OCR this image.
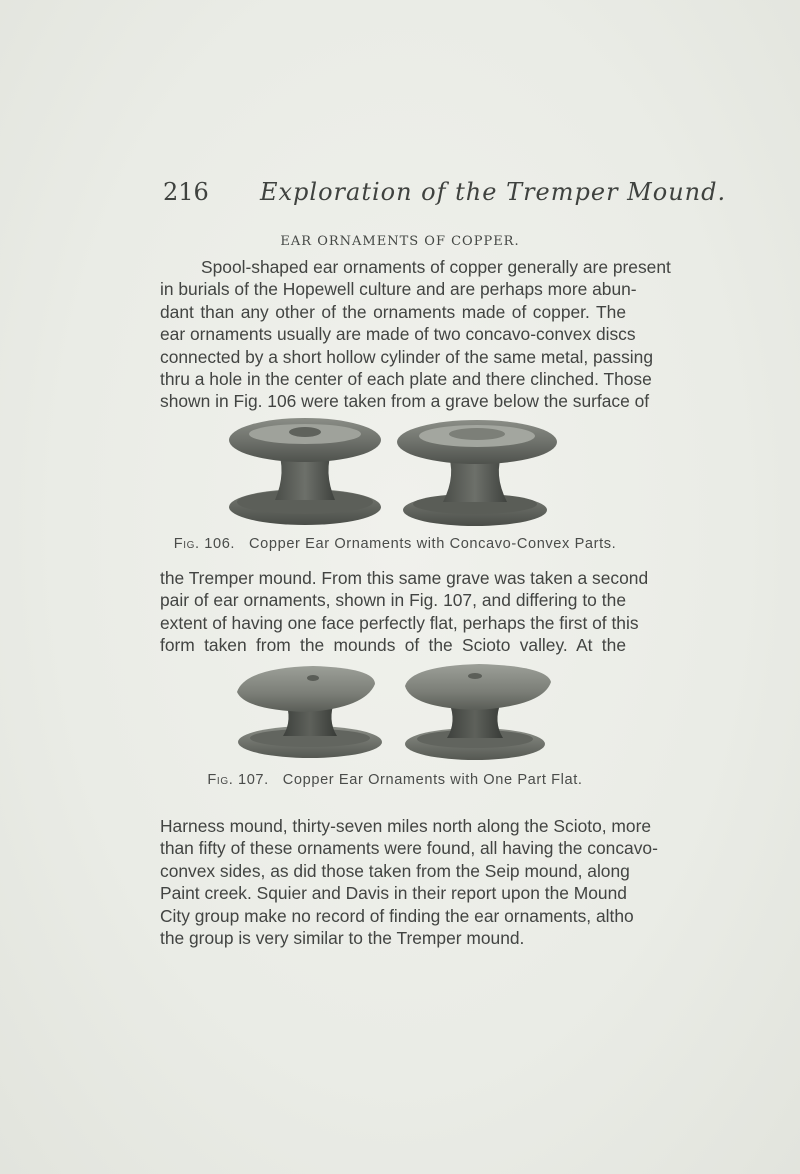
216 Exploration of the Tremper Mound.
EAR ORNAMENTS OF COPPER.

Spool-shaped ear ornaments of copper generally are present
in burials of the Hopewell culture and are perhaps more abun-
dant than any other of the ornaments made of copper. The
ear ornaments usually are made of two concavo-convex discs
connected by a short hollow cylinder of the same metal, passing
thru a hole in the center of each plate and there clinched. Those
shown in Fig. 106 were taken from a grave below the surface of

Fig. 106. Copper Ear Ornaments with Concavo-Convex Parts.

the Tremper mound. From this same grave was taken a second
pair of ear ornaments, shown in Fig. 107, and differing to the
extent of having one face perfectly flat, perhaps the first of this
form taken from the mounds of the Scioto valley. At the

Fig. 107. Copper Ear Ornaments with One Part Flat.

Harness mound, thirty-seven miles north along the Scioto, more
than fifty of these ornaments were found, all having the concavo-
convex sides, as did those taken from the Seip mound, along
Paint creek. Squier and Davis in their report upon the Mound
City group make no record of finding the ear ornaments, altho
the group is very similar to the Tremper mound.
